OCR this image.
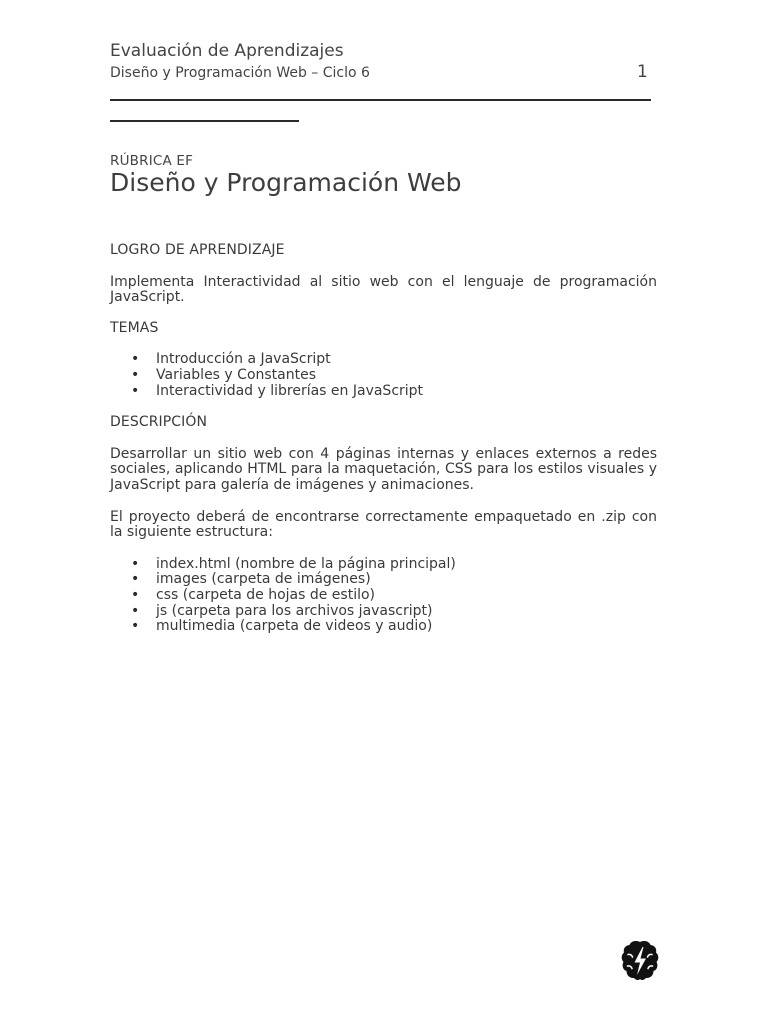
Evaluación de Aprendizajes
Diseño y Programación Web – Ciclo 6	1
RÚBRICA EF
Diseño y Programación Web

LOGRO DE APRENDIZAJE

Implementa Interactividad al sitio web con el lenguaje de programación JavaScript.

TEMAS

• Introducción a JavaScript
• Variables y Constantes
• Interactividad y librerías en JavaScript

DESCRIPCIÓN

Desarrollar un sitio web con 4 páginas internas y enlaces externos a redes sociales, aplicando HTML para la maquetación, CSS para los estilos visuales y JavaScript para galería de imágenes y animaciones.

El proyecto deberá de encontrarse correctamente empaquetado en .zip con la siguiente estructura:

• index.html (nombre de la página principal)
• images (carpeta de imágenes)
• css (carpeta de hojas de estilo)
• js (carpeta para los archivos javascript)
• multimedia (carpeta de videos y audio)
